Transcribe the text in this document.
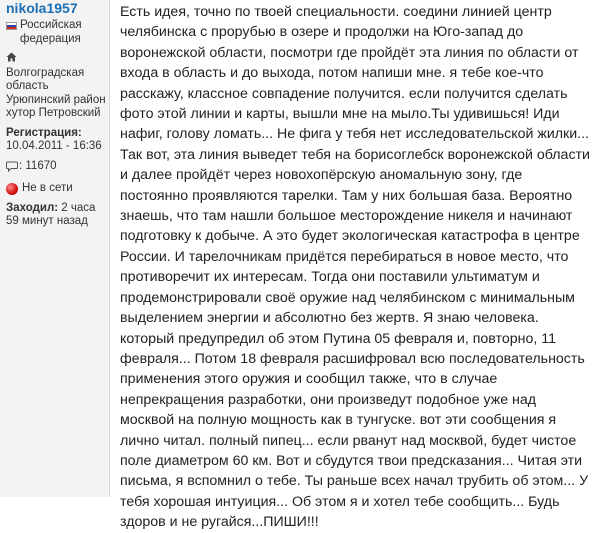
nikola1957
Российская федерация
Волгоградская область Урюпинский район хутор Петровский
Регистрация:
10.04.2011 - 16:36
: 11670
Не в сети
Заходил: 2 часа 59 минут назад

Есть идея, точно по твоей специальности. соедини линией центр челябинска с прорубью в озере и продолжи на Юго-запад до воронежской области, посмотри где пройдёт эта линия по области от входа в область и до выхода, потом напиши мне. я тебе кое-что расскажу, классное совпадение получится. если получится сделать фото этой линии и карты, вышли мне на мыло.Ты удивишься! Иди нафиг, голову ломать... Не фига у тебя нет исследовательской жилки... Так вот, эта линия выведет тебя на борисоглебск воронежской области и далее пройдёт через новохопёрскую аномальную зону, где постоянно проявляются тарелки. Там у них большая база. Вероятно знаешь, что там нашли большое месторождение никеля и начинают подготовку к добыче. А это будет экологическая катастрофа в центре России. И тарелочникам придётся перебираться в новое место, что противоречит их интересам. Тогда они поставили ультиматум и продемонстрировали своё оружие над челябинском с минимальным выделением энергии и абсолютно без жертв. Я знаю человека. который предупредил об этом Путина 05 февраля и, повторно, 11 февраля... Потом 18 февраля расшифровал всю последовательность применения этого оружия и сообщил также, что в случае непрекращения разработки, они произведут подобное уже над москвой на полную мощность как в тунгуске. вот эти сообщения я лично читал. полный пипец... если рванут над москвой, будет чистое поле диаметром 60 км. Вот и сбудутся твои предсказания... Читая эти письма, я вспомнил о тебе. Ты раньше всех начал трубить об этом... У тебя хорошая интуиция... Об этом я и хотел тебе сообщить... Будь здоров и не ругайся...ПИШИ!!!
